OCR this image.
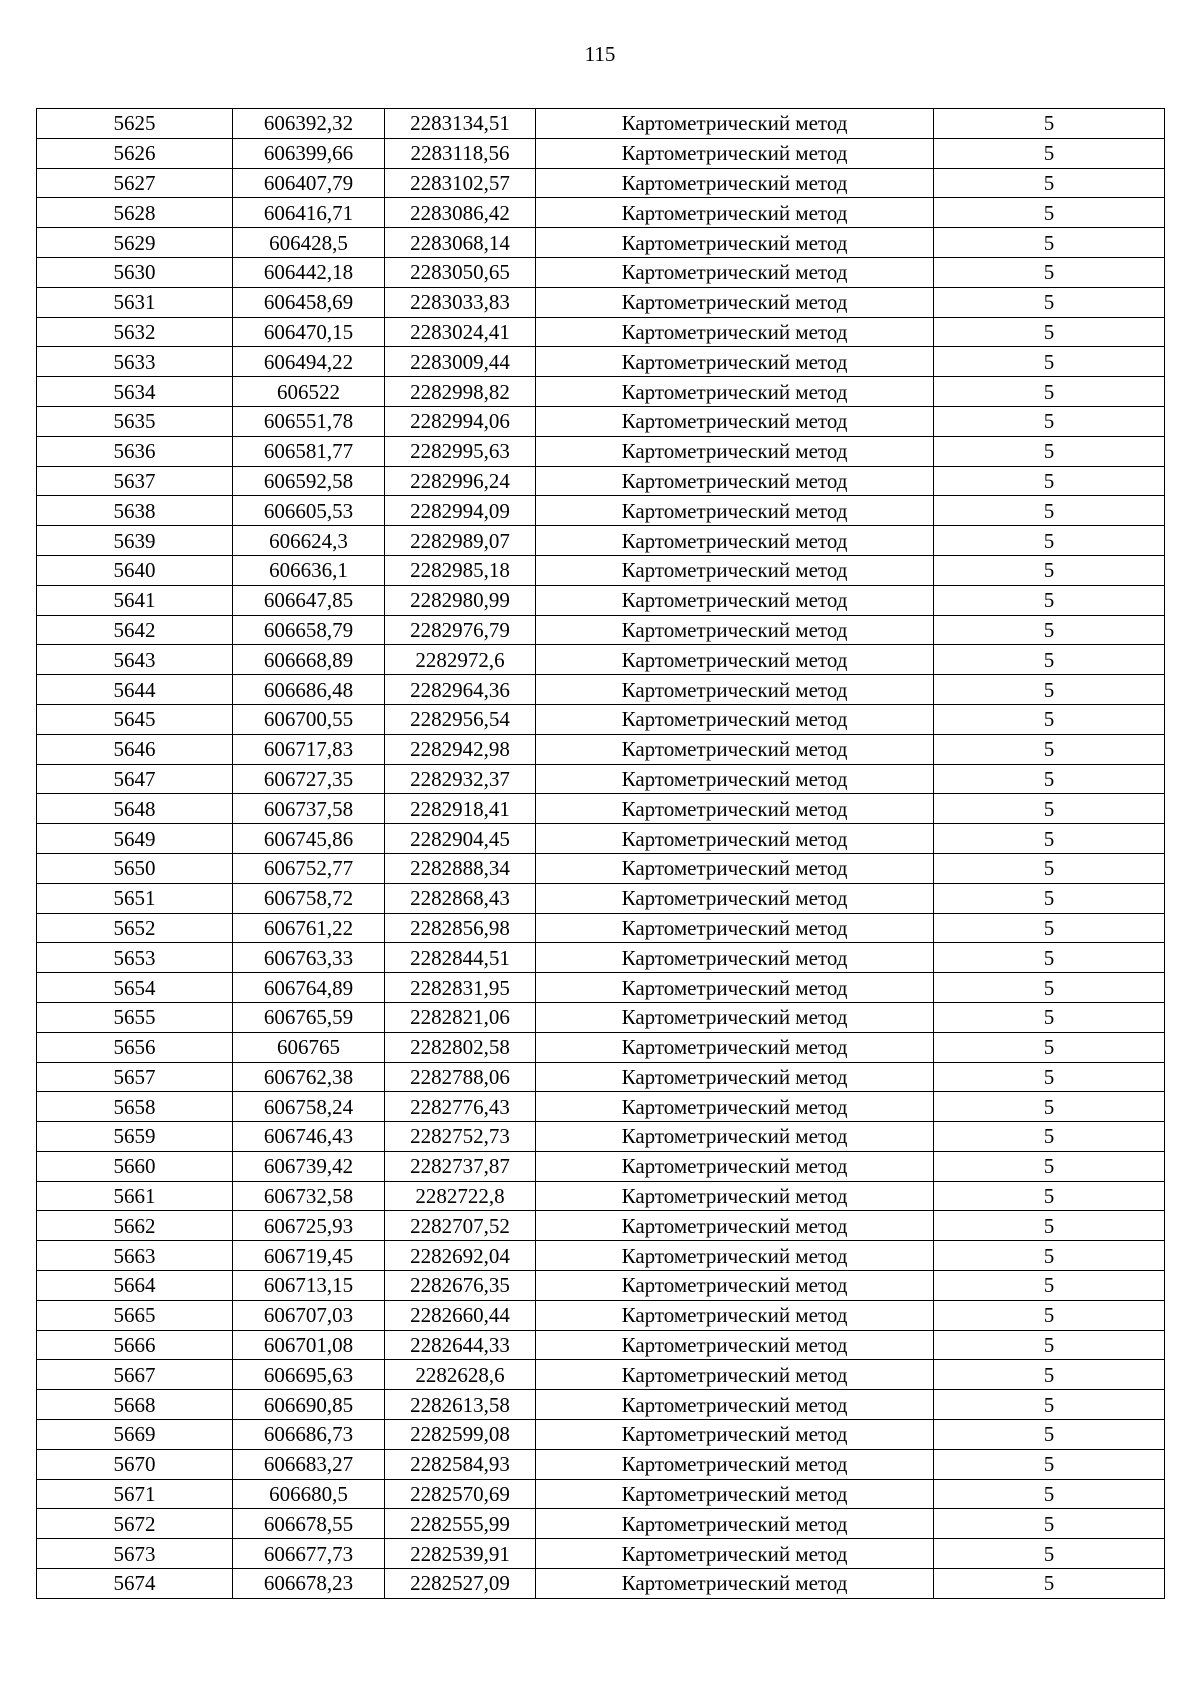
115
5625	606392,32	2283134,51	Картометрический метод	5
5626	606399,66	2283118,56	Картометрический метод	5
5627	606407,79	2283102,57	Картометрический метод	5
5628	606416,71	2283086,42	Картометрический метод	5
5629	606428,5	2283068,14	Картометрический метод	5
5630	606442,18	2283050,65	Картометрический метод	5
5631	606458,69	2283033,83	Картометрический метод	5
5632	606470,15	2283024,41	Картометрический метод	5
5633	606494,22	2283009,44	Картометрический метод	5
5634	606522	2282998,82	Картометрический метод	5
5635	606551,78	2282994,06	Картометрический метод	5
5636	606581,77	2282995,63	Картометрический метод	5
5637	606592,58	2282996,24	Картометрический метод	5
5638	606605,53	2282994,09	Картометрический метод	5
5639	606624,3	2282989,07	Картометрический метод	5
5640	606636,1	2282985,18	Картометрический метод	5
5641	606647,85	2282980,99	Картометрический метод	5
5642	606658,79	2282976,79	Картометрический метод	5
5643	606668,89	2282972,6	Картометрический метод	5
5644	606686,48	2282964,36	Картометрический метод	5
5645	606700,55	2282956,54	Картометрический метод	5
5646	606717,83	2282942,98	Картометрический метод	5
5647	606727,35	2282932,37	Картометрический метод	5
5648	606737,58	2282918,41	Картометрический метод	5
5649	606745,86	2282904,45	Картометрический метод	5
5650	606752,77	2282888,34	Картометрический метод	5
5651	606758,72	2282868,43	Картометрический метод	5
5652	606761,22	2282856,98	Картометрический метод	5
5653	606763,33	2282844,51	Картометрический метод	5
5654	606764,89	2282831,95	Картометрический метод	5
5655	606765,59	2282821,06	Картометрический метод	5
5656	606765	2282802,58	Картометрический метод	5
5657	606762,38	2282788,06	Картометрический метод	5
5658	606758,24	2282776,43	Картометрический метод	5
5659	606746,43	2282752,73	Картометрический метод	5
5660	606739,42	2282737,87	Картометрический метод	5
5661	606732,58	2282722,8	Картометрический метод	5
5662	606725,93	2282707,52	Картометрический метод	5
5663	606719,45	2282692,04	Картометрический метод	5
5664	606713,15	2282676,35	Картометрический метод	5
5665	606707,03	2282660,44	Картометрический метод	5
5666	606701,08	2282644,33	Картометрический метод	5
5667	606695,63	2282628,6	Картометрический метод	5
5668	606690,85	2282613,58	Картометрический метод	5
5669	606686,73	2282599,08	Картометрический метод	5
5670	606683,27	2282584,93	Картометрический метод	5
5671	606680,5	2282570,69	Картометрический метод	5
5672	606678,55	2282555,99	Картометрический метод	5
5673	606677,73	2282539,91	Картометрический метод	5
5674	606678,23	2282527,09	Картометрический метод	5
